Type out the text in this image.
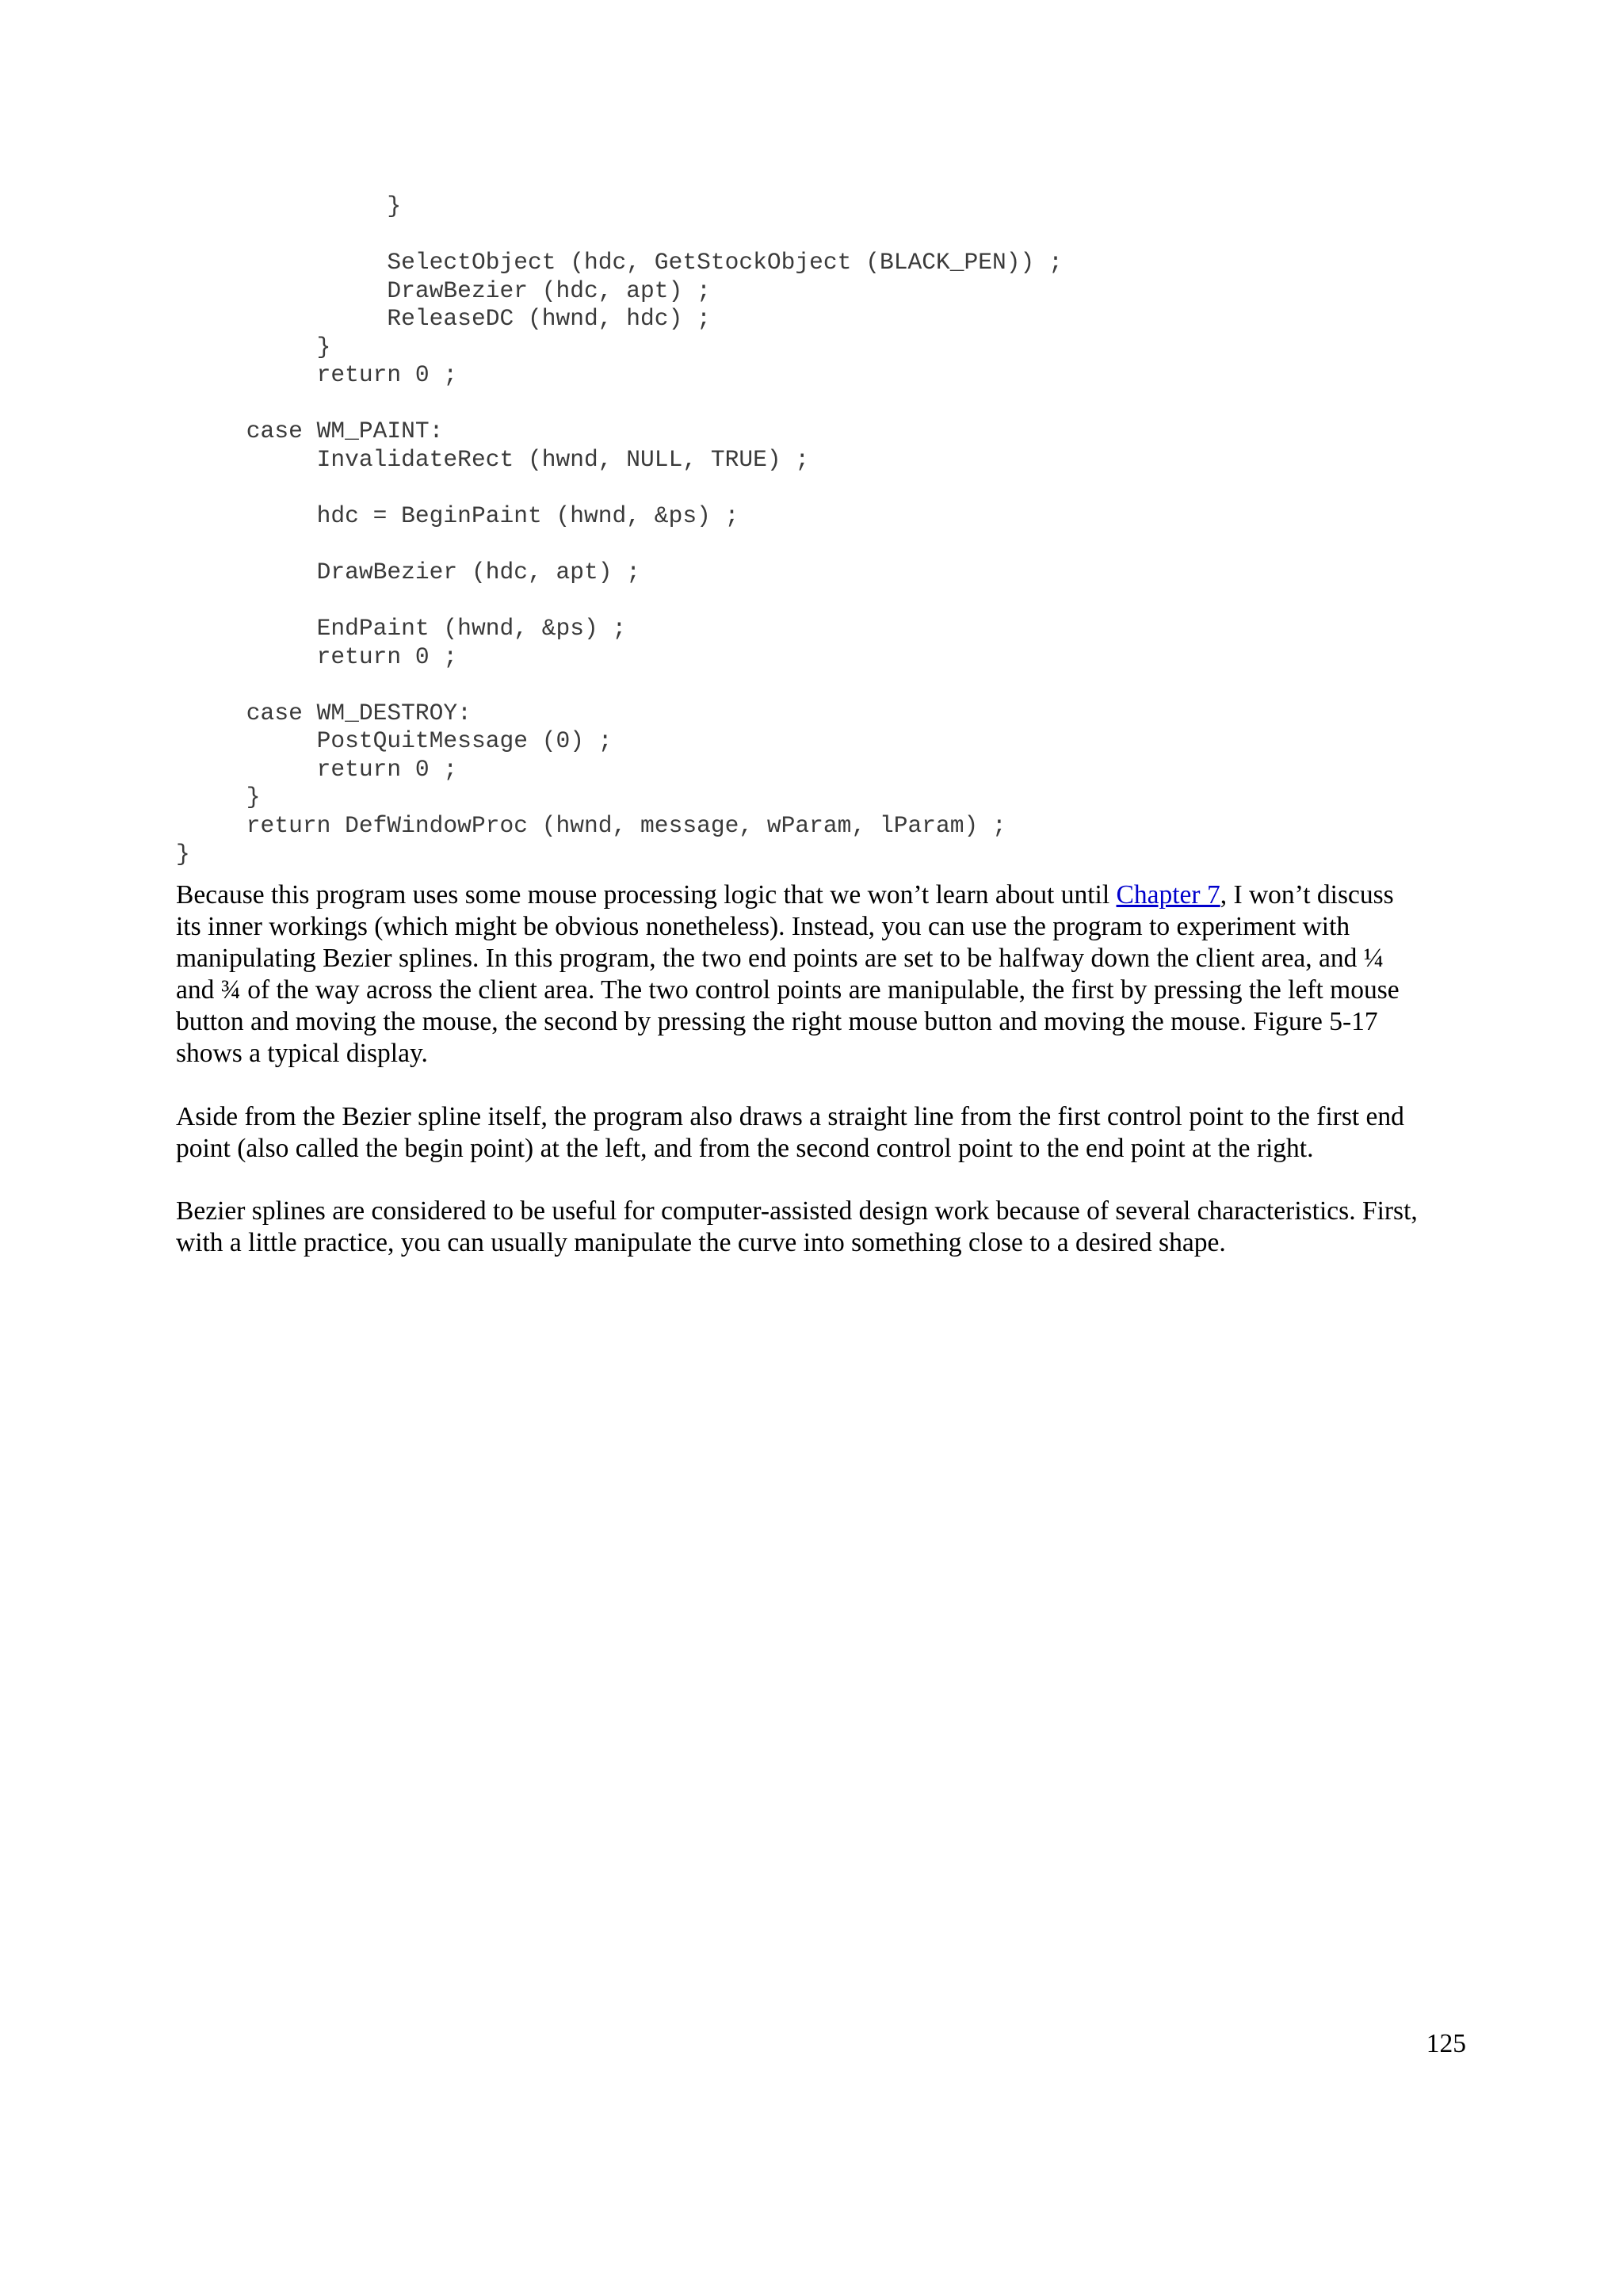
}
SelectObject (hdc, GetStockObject (BLACK_PEN)) ;
DrawBezier (hdc, apt) ;
ReleaseDC (hwnd, hdc) ;
}
return 0 ;
case WM_PAINT:
InvalidateRect (hwnd, NULL, TRUE) ;
hdc = BeginPaint (hwnd, &ps) ;
DrawBezier (hdc, apt) ;
EndPaint (hwnd, &ps) ;
return 0 ;
case WM_DESTROY:
PostQuitMessage (0) ;
return 0 ;
}
return DefWindowProc (hwnd, message, wParam, lParam) ;
}

Because this program uses some mouse processing logic that we won’t learn about until Chapter 7, I won’t discuss
its inner workings (which might be obvious nonetheless). Instead, you can use the program to experiment with
manipulating Bezier splines. In this program, the two end points are set to be halfway down the client area, and ¼
and ¾ of the way across the client area. The two control points are manipulable, the first by pressing the left mouse
button and moving the mouse, the second by pressing the right mouse button and moving the mouse. Figure 5-17
shows a typical display.

Aside from the Bezier spline itself, the program also draws a straight line from the first control point to the first end
point (also called the begin point) at the left, and from the second control point to the end point at the right.

Bezier splines are considered to be useful for computer-assisted design work because of several characteristics. First,
with a little practice, you can usually manipulate the curve into something close to a desired shape.

125
